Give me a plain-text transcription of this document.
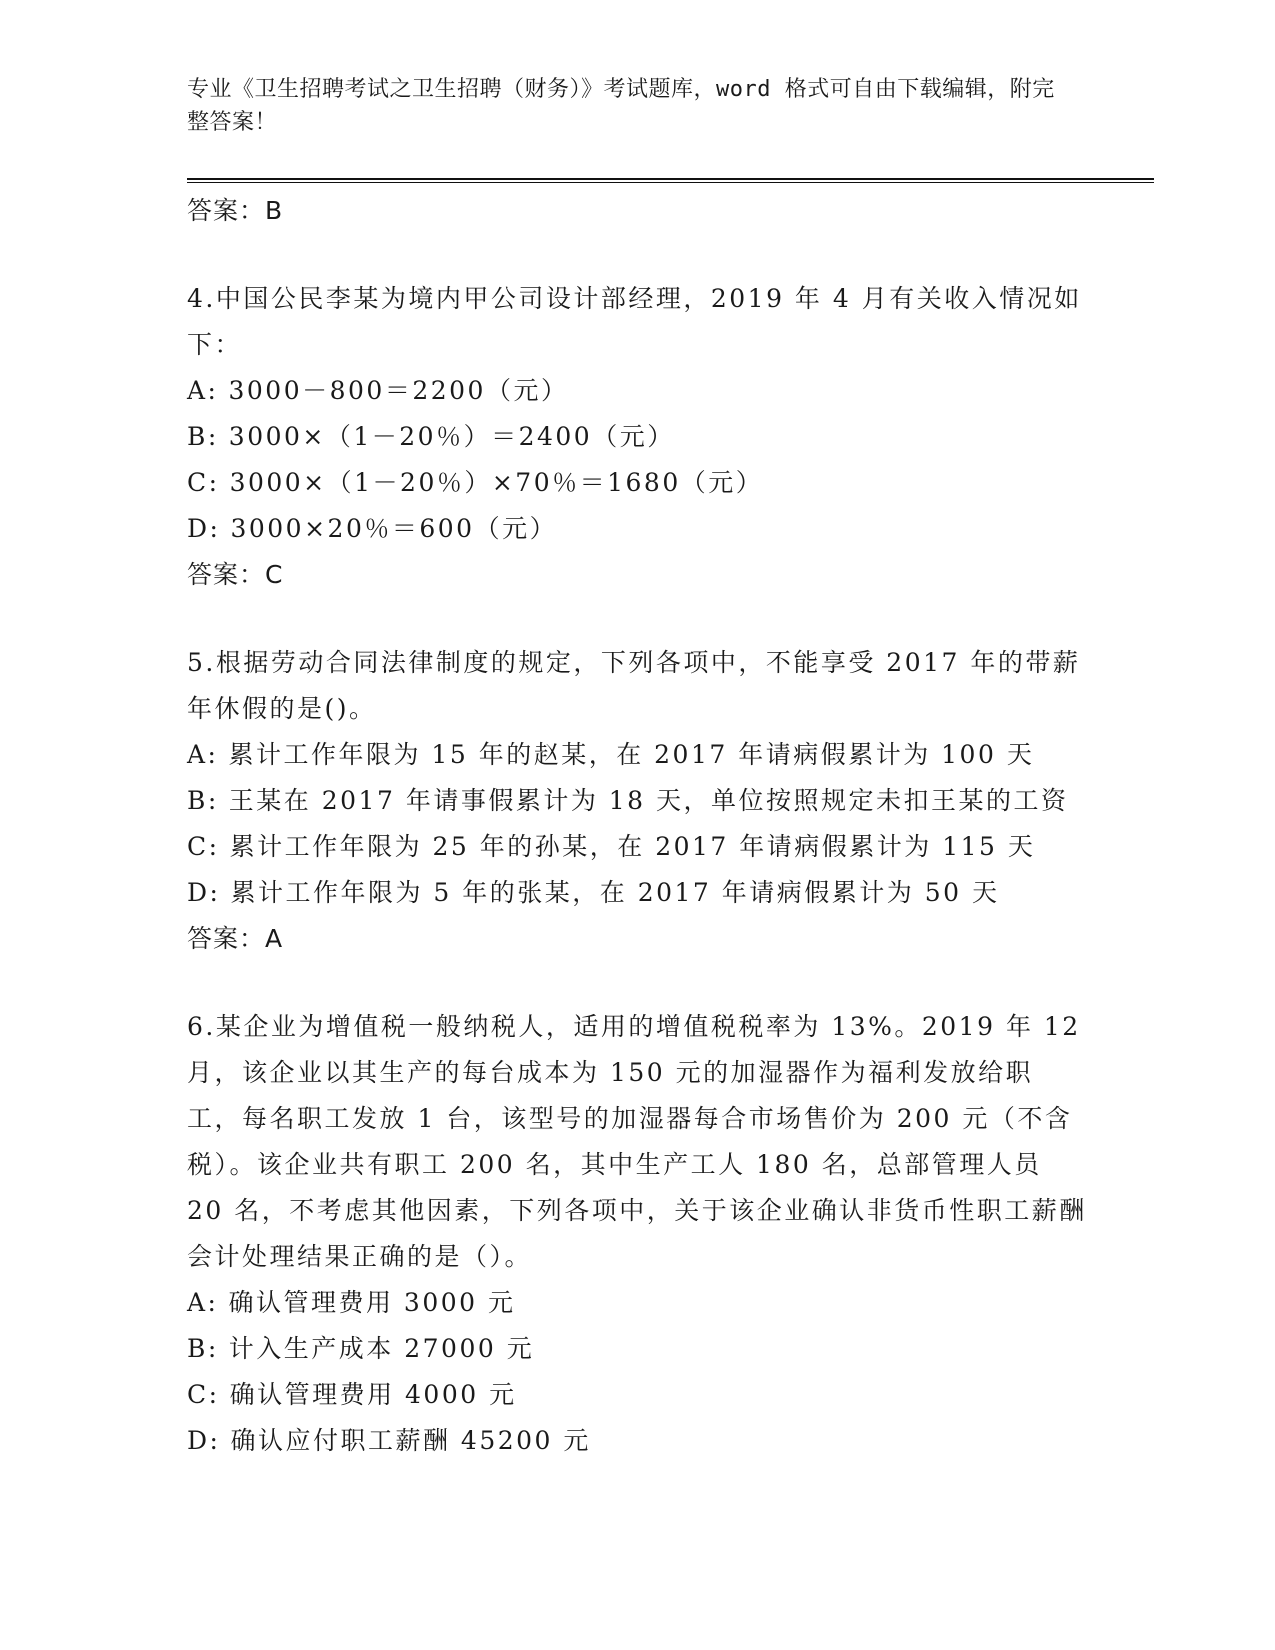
专业《卫生招聘考试之卫生招聘（财务）》考试题库，word 格式可自由下载编辑，附完整答案！
答案：B
4.中国公民李某为境内甲公司设计部经理，2019 年 4 月有关收入情况如下：
A: 3000－800＝2200（元）
B: 3000×（1－20％）＝2400（元）
C: 3000×（1－20％）×70％＝1680（元）
D: 3000×20％＝600（元）
答案：C
5.根据劳动合同法律制度的规定，下列各项中，不能享受 2017 年的带薪年休假的是()。
A: 累计工作年限为 15 年的赵某，在 2017 年请病假累计为 100 天
B: 王某在 2017 年请事假累计为 18 天，单位按照规定未扣王某的工资
C: 累计工作年限为 25 年的孙某，在 2017 年请病假累计为 115 天
D: 累计工作年限为 5 年的张某，在 2017 年请病假累计为 50 天
答案：A
6.某企业为增值税一般纳税人，适用的增值税税率为 13%。2019 年 12 月，该企业以其生产的每台成本为 150 元的加湿器作为福利发放给职工，每名职工发放 1 台，该型号的加湿器每合市场售价为 200 元（不含税）。该企业共有职工 200 名，其中生产工人 180 名，总部管理人员 20 名，不考虑其他因素，下列各项中，关于该企业确认非货币性职工薪酬会计处理结果正确的是（）。
A: 确认管理费用 3000 元
B: 计入生产成本 27000 元
C: 确认管理费用 4000 元
D: 确认应付职工薪酬 45200 元
